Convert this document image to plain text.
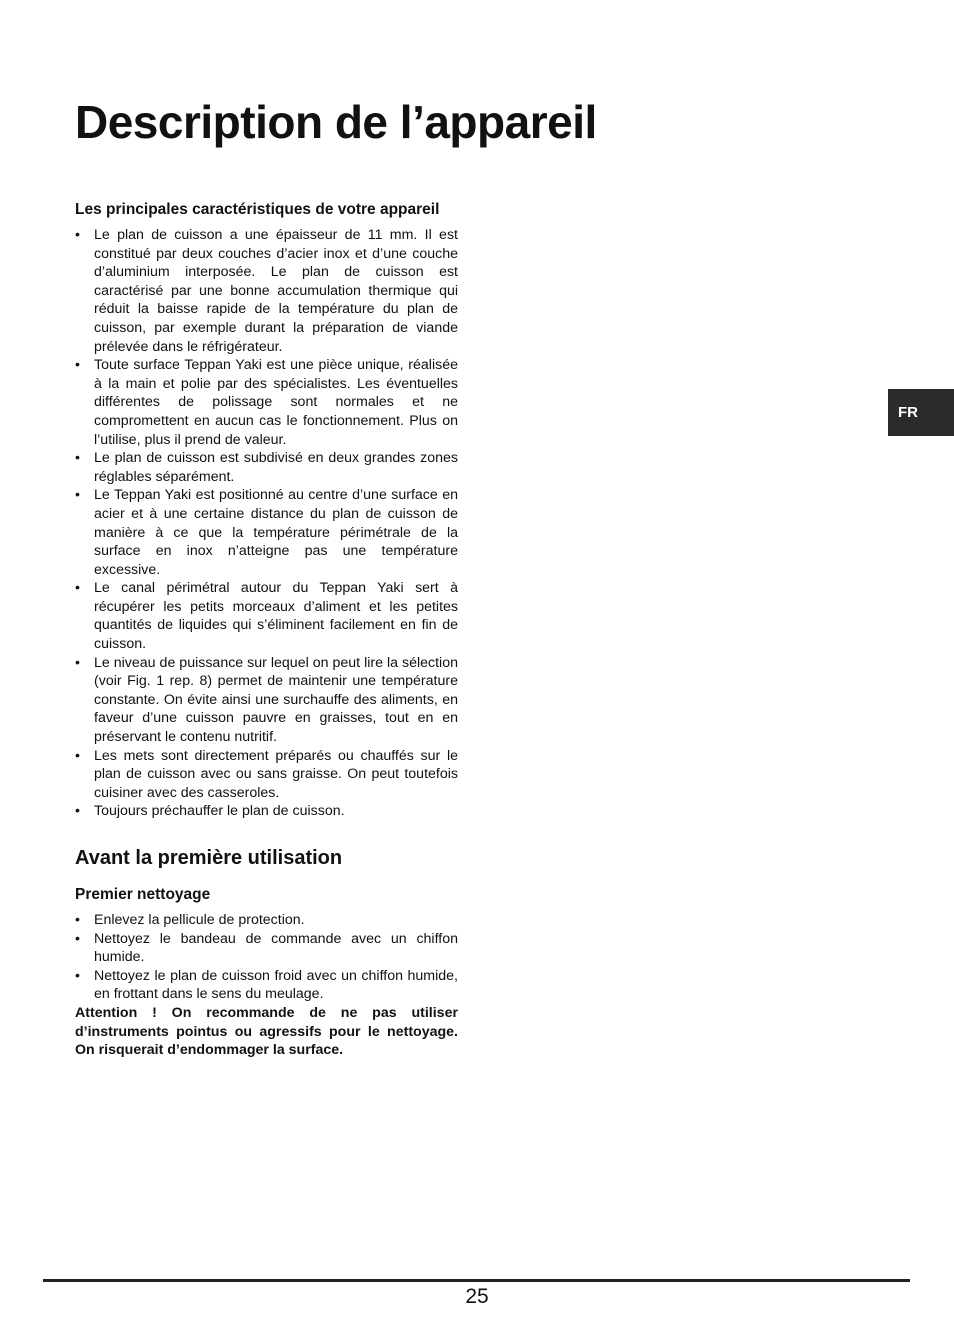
Description de l’appareil
FR
Les principales caractéristiques de votre appareil
• Le plan de cuisson a une épaisseur de 11 mm. Il est constitué par deux couches d’acier inox et d’une couche d’aluminium interposée. Le plan de cuisson est caractérisé par une bonne accumulation thermique qui réduit la baisse rapide de la température du plan de cuisson, par exemple durant la préparation de viande prélevée dans le réfrigérateur.
• Toute surface Teppan Yaki est une pièce unique, réalisée à la main et polie par des spécialistes. Les éventuelles différentes de polissage sont normales et ne compromettent en aucun cas le fonctionnement. Plus on l’utilise, plus il prend de valeur.
• Le plan de cuisson est subdivisé en deux grandes zones réglables séparément.
• Le Teppan Yaki est positionné au centre d’une surface en acier et à une certaine distance du plan de cuisson de manière à ce que la température périmétrale de la surface en inox n’atteigne pas une température excessive.
• Le canal périmétral autour du Teppan Yaki sert à récupérer les petits morceaux d’aliment et les petites quantités de liquides qui s’éliminent facilement en fin de cuisson.
• Le niveau de puissance sur lequel on peut lire la sélection (voir Fig. 1 rep. 8) permet de maintenir une température constante. On évite ainsi une surchauffe des aliments, en faveur d’une cuisson pauvre en graisses, tout en en préservant le contenu nutritif.
• Les mets sont directement préparés ou chauffés sur le plan de cuisson avec ou sans graisse. On peut toutefois cuisiner avec des casseroles.
• Toujours préchauffer le plan de cuisson.
Avant la première utilisation
Premier nettoyage
• Enlevez la pellicule de protection.
• Nettoyez le bandeau de commande avec un chiffon humide.
• Nettoyez le plan de cuisson froid avec un chiffon humide, en frottant dans le sens du meulage.

Attention ! On recommande de ne pas utiliser d’instruments pointus ou agressifs pour le nettoyage. On risquerait d’endommager la surface.

25
